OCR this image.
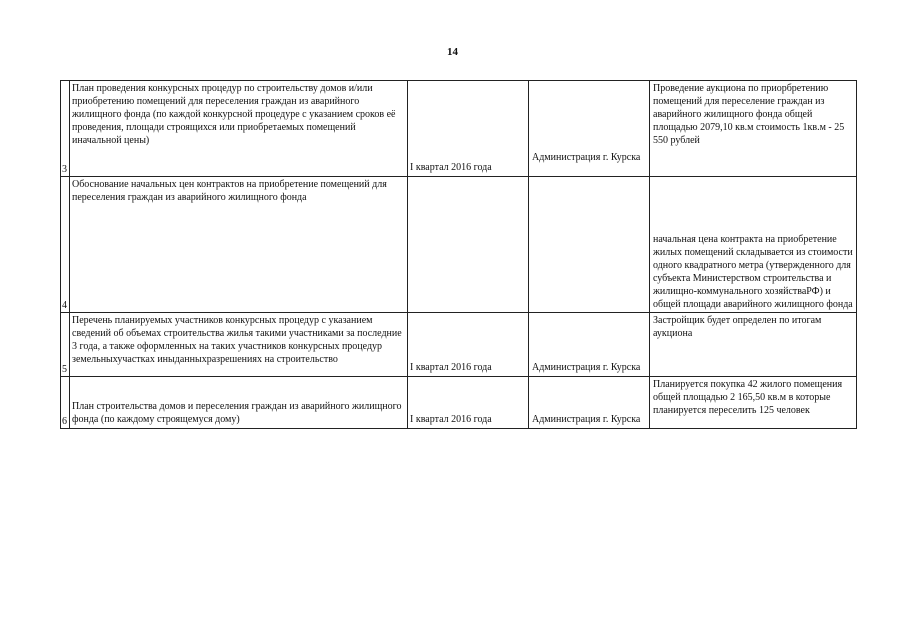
14
3	План проведения конкурсных процедур по строительству домов и/или приобретению помещений для переселения граждан из аварийного жилищного фонда (по каждой конкурсной процедуре с указанием сроков её проведения, площади строящихся или приобретаемых помещений иначальной цены)	I квартал 2016 года	Администрация г. Курска	Проведение аукциона по приорбретению помещений для переселение граждан из аварийного жилищного фонда общей площадью 2079,10 кв.м стоимость 1кв.м - 25 550 рублей
4	Обоснование начальных цен контрактов на приобретение помещений для переселения граждан из аварийного жилищного фонда			начальная цена контракта на приобретение жилых помещений складывается из стоимости одного квадратного метра (утвержденного для субъекта Министерством строительства и жилищно-коммунального хозяйстваРФ) и общей площади аварийного жилищного фонда

5	Перечень планируемых участников конкурсных процедур с указанием сведений об объемах строительства жилья такими участниками за последние 3 года, а также оформленных на таких участников конкурсных процедур земельныхучастках иныданныхразрешениях на строительство	I квартал 2016 года	Администрация г. Курска	Застройщик будет определен по итогам аукциона
6	План строительства домов и переселения граждан из аварийного жилищного фонда (по каждому строящемуся дому)	I квартал 2016 года	Администрация г. Курска	Планируется покупка 42 жилого помещения общей площадью 2 165,50 кв.м в которые планируется переселить 125 человек
